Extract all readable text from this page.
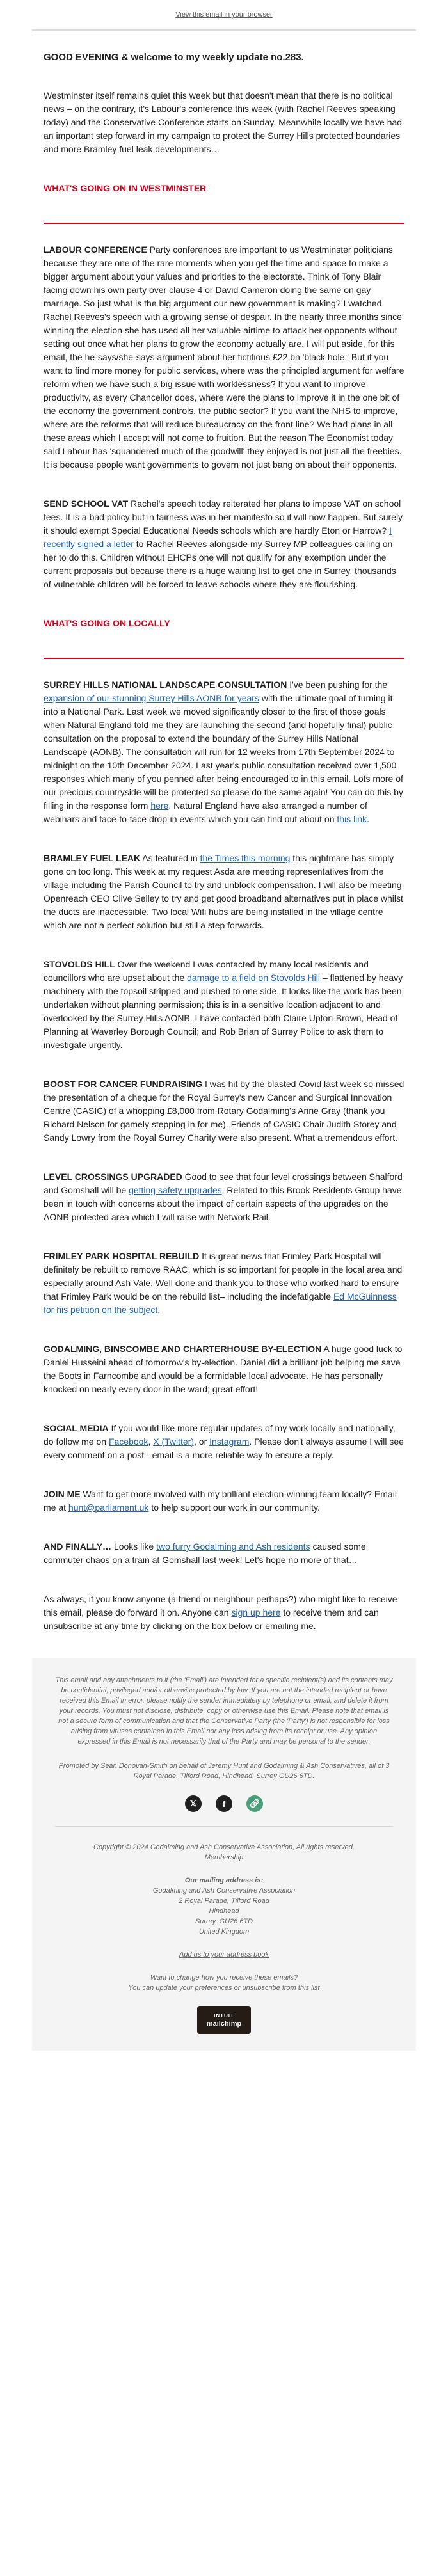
View this email in your browser

GOOD EVENING & welcome to my weekly update no.283.

Westminster itself remains quiet this week but that doesn't mean that there is no political news – on the contrary, it's Labour's conference this week (with Rachel Reeves speaking today) and the Conservative Conference starts on Sunday. Meanwhile locally we have had an important step forward in my campaign to protect the Surrey Hills protected boundaries and more Bramley fuel leak developments…

WHAT'S GOING ON IN WESTMINSTER

LABOUR CONFERENCE Party conferences are important to us Westminster politicians because they are one of the rare moments when you get the time and space to make a bigger argument about your values and priorities to the electorate. Think of Tony Blair facing down his own party over clause 4 or David Cameron doing the same on gay marriage. So just what is the big argument our new government is making? I watched Rachel Reeves's speech with a growing sense of despair. In the nearly three months since winning the election she has used all her valuable airtime to attack her opponents without setting out once what her plans to grow the economy actually are. I will put aside, for this email, the he-says/she-says argument about her fictitious £22 bn 'black hole.' But if you want to find more money for public services, where was the principled argument for welfare reform when we have such a big issue with worklessness? If you want to improve productivity, as every Chancellor does, where were the plans to improve it in the one bit of the economy the government controls, the public sector? If you want the NHS to improve, where are the reforms that will reduce bureaucracy on the front line? We had plans in all these areas which I accept will not come to fruition. But the reason The Economist today said Labour has 'squandered much of the goodwill' they enjoyed is not just all the freebies. It is because people want governments to govern not just bang on about their opponents.

SEND SCHOOL VAT Rachel's speech today reiterated her plans to impose VAT on school fees. It is a bad policy but in fairness was in her manifesto so it will now happen. But surely it should exempt Special Educational Needs schools which are hardly Eton or Harrow? I recently signed a letter to Rachel Reeves alongside my Surrey MP colleagues calling on her to do this. Children without EHCPs one will not qualify for any exemption under the current proposals but because there is a huge waiting list to get one in Surrey, thousands of vulnerable children will be forced to leave schools where they are flourishing.

WHAT'S GOING ON LOCALLY

SURREY HILLS NATIONAL LANDSCAPE CONSULTATION I've been pushing for the expansion of our stunning Surrey Hills AONB for years with the ultimate goal of turning it into a National Park. Last week we moved significantly closer to the first of those goals when Natural England told me they are launching the second (and hopefully final) public consultation on the proposal to extend the boundary of the Surrey Hills National Landscape (AONB). The consultation will run for 12 weeks from 17th September 2024 to midnight on the 10th December 2024. Last year's public consultation received over 1,500 responses which many of you penned after being encouraged to in this email. Lots more of our precious countryside will be protected so please do the same again! You can do this by filling in the response form here. Natural England have also arranged a number of webinars and face-to-face drop-in events which you can find out about on this link.

BRAMLEY FUEL LEAK As featured in the Times this morning this nightmare has simply gone on too long. This week at my request Asda are meeting representatives from the village including the Parish Council to try and unblock compensation. I will also be meeting Openreach CEO Clive Selley to try and get good broadband alternatives put in place whilst the ducts are inaccessible. Two local Wifi hubs are being installed in the village centre which are not a perfect solution but still a step forwards.

STOVOLDS HILL Over the weekend I was contacted by many local residents and councillors who are upset about the damage to a field on Stovolds Hill – flattened by heavy machinery with the topsoil stripped and pushed to one side. It looks like the work has been undertaken without planning permission; this is in a sensitive location adjacent to and overlooked by the Surrey Hills AONB. I have contacted both Claire Upton-Brown, Head of Planning at Waverley Borough Council; and Rob Brian of Surrey Police to ask them to investigate urgently.

BOOST FOR CANCER FUNDRAISING I was hit by the blasted Covid last week so missed the presentation of a cheque for the Royal Surrey's new Cancer and Surgical Innovation Centre (CASIC) of a whopping £8,000 from Rotary Godalming's Anne Gray (thank you Richard Nelson for gamely stepping in for me). Friends of CASIC Chair Judith Storey and Sandy Lowry from the Royal Surrey Charity were also present. What a tremendous effort.

LEVEL CROSSINGS UPGRADED Good to see that four level crossings between Shalford and Gomshall will be getting safety upgrades. Related to this Brook Residents Group have been in touch with concerns about the impact of certain aspects of the upgrades on the AONB protected area which I will raise with Network Rail.

FRIMLEY PARK HOSPITAL REBUILD It is great news that Frimley Park Hospital will definitely be rebuilt to remove RAAC, which is so important for people in the local area and especially around Ash Vale. Well done and thank you to those who worked hard to ensure that Frimley Park would be on the rebuild list– including the indefatigable Ed McGuinness for his petition on the subject.

GODALMING, BINSCOMBE AND CHARTERHOUSE BY-ELECTION A huge good luck to Daniel Husseini ahead of tomorrow's by-election. Daniel did a brilliant job helping me save the Boots in Farncombe and would be a formidable local advocate. He has personally knocked on nearly every door in the ward; great effort!

SOCIAL MEDIA If you would like more regular updates of my work locally and nationally, do follow me on Facebook, X (Twitter), or Instagram. Please don't always assume I will see every comment on a post - email is a more reliable way to ensure a reply.

JOIN ME Want to get more involved with my brilliant election-winning team locally? Email me at hunt@parliament.uk to help support our work in our community.

AND FINALLY… Looks like two furry Godalming and Ash residents caused some commuter chaos on a train at Gomshall last week! Let's hope no more of that…

As always, if you know anyone (a friend or neighbour perhaps?) who might like to receive this email, please do forward it on. Anyone can sign up here to receive them and can unsubscribe at any time by clicking on the box below or emailing me.

This email and any attachments to it (the 'Email') are intended for a specific recipient(s) and its contents may be confidential, privileged and/or otherwise protected by law. If you are not the intended recipient or have received this Email in error, please notify the sender immediately by telephone or email, and delete it from your records. You must not disclose, distribute, copy or otherwise use this Email. Please note that email is not a secure form of communication and that the Conservative Party (the 'Party') is not responsible for loss arising from viruses contained in this Email nor any loss arising from its receipt or use. Any opinion expressed in this Email is not necessarily that of the Party and may be personal to the sender.

Promoted by Sean Donovan-Smith on behalf of Jeremy Hunt and Godalming & Ash Conservatives, all of 3 Royal Parade, Tilford Road, Hindhead, Surrey GU26 6TD.

𝕏	f	🔗︎
Copyright © 2024 Godalming and Ash Conservative Association, All rights reserved.
Membership
Our mailing address is:
Godalming and Ash Conservative Association
2 Royal Parade, Tilford Road
Hindhead
Surrey, GU26 6TD
United Kingdom
Add us to your address book
Want to change how you receive these emails?
You can update your preferences or unsubscribe from this list
INTUIT
mailchimp
